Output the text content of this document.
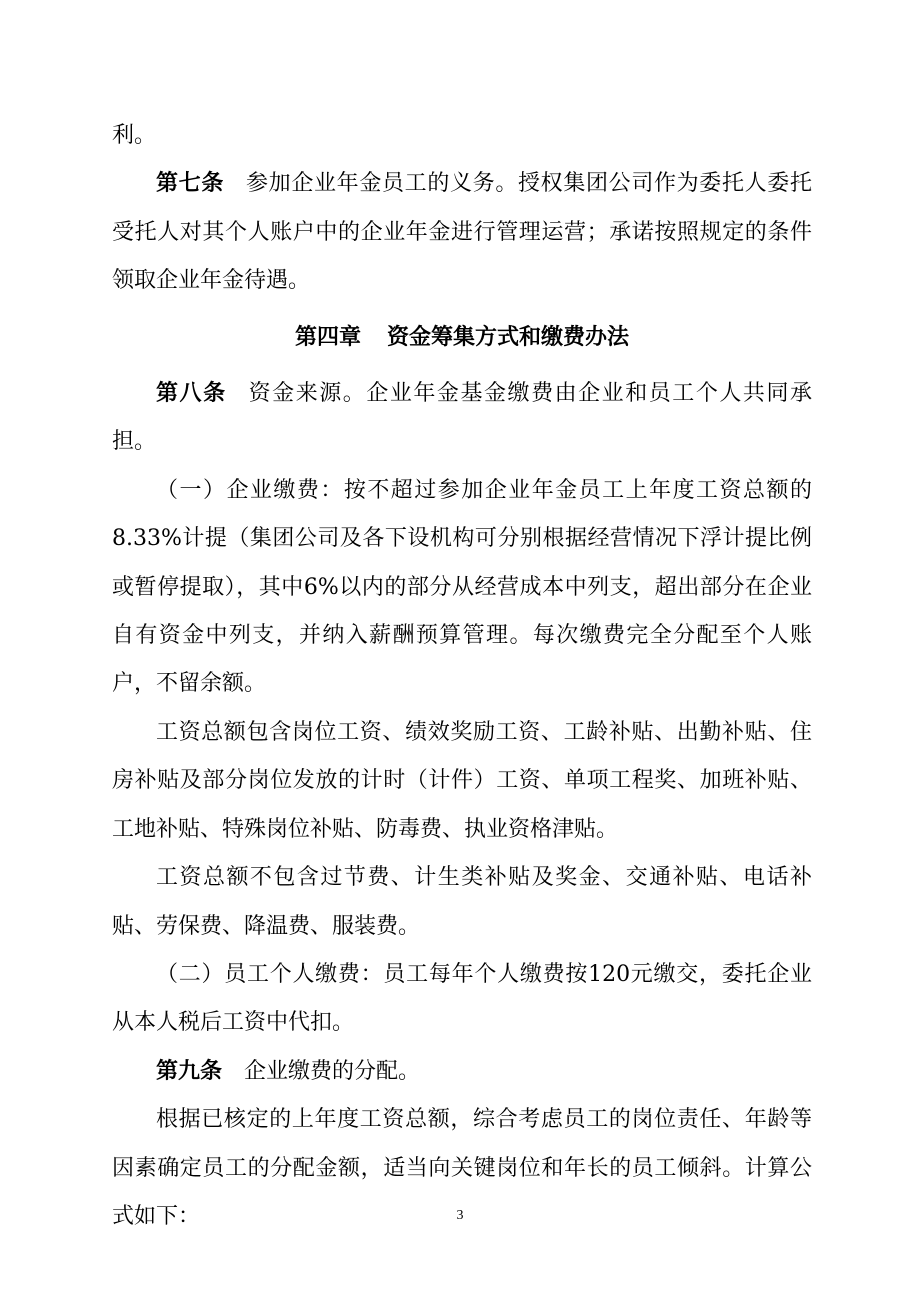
利。

第七条 参加企业年金员工的义务。授权集团公司作为委托人委托受托人对其个人账户中的企业年金进行管理运营；承诺按照规定的条件领取企业年金待遇。

第四章 资金筹集方式和缴费办法

第八条 资金来源。企业年金基金缴费由企业和员工个人共同承担。

（一）企业缴费：按不超过参加企业年金员工上年度工资总额的8.33%计提（集团公司及各下设机构可分别根据经营情况下浮计提比例或暂停提取），其中6%以内的部分从经营成本中列支，超出部分在企业自有资金中列支，并纳入薪酬预算管理。每次缴费完全分配至个人账户，不留余额。

工资总额包含岗位工资、绩效奖励工资、工龄补贴、出勤补贴、住房补贴及部分岗位发放的计时（计件）工资、单项工程奖、加班补贴、工地补贴、特殊岗位补贴、防毒费、执业资格津贴。

工资总额不包含过节费、计生类补贴及奖金、交通补贴、电话补贴、劳保费、降温费、服装费。

（二）员工个人缴费：员工每年个人缴费按120元缴交，委托企业从本人税后工资中代扣。

第九条 企业缴费的分配。

根据已核定的上年度工资总额，综合考虑员工的岗位责任、年龄等因素确定员工的分配金额，适当向关键岗位和年长的员工倾斜。计算公式如下：	3
